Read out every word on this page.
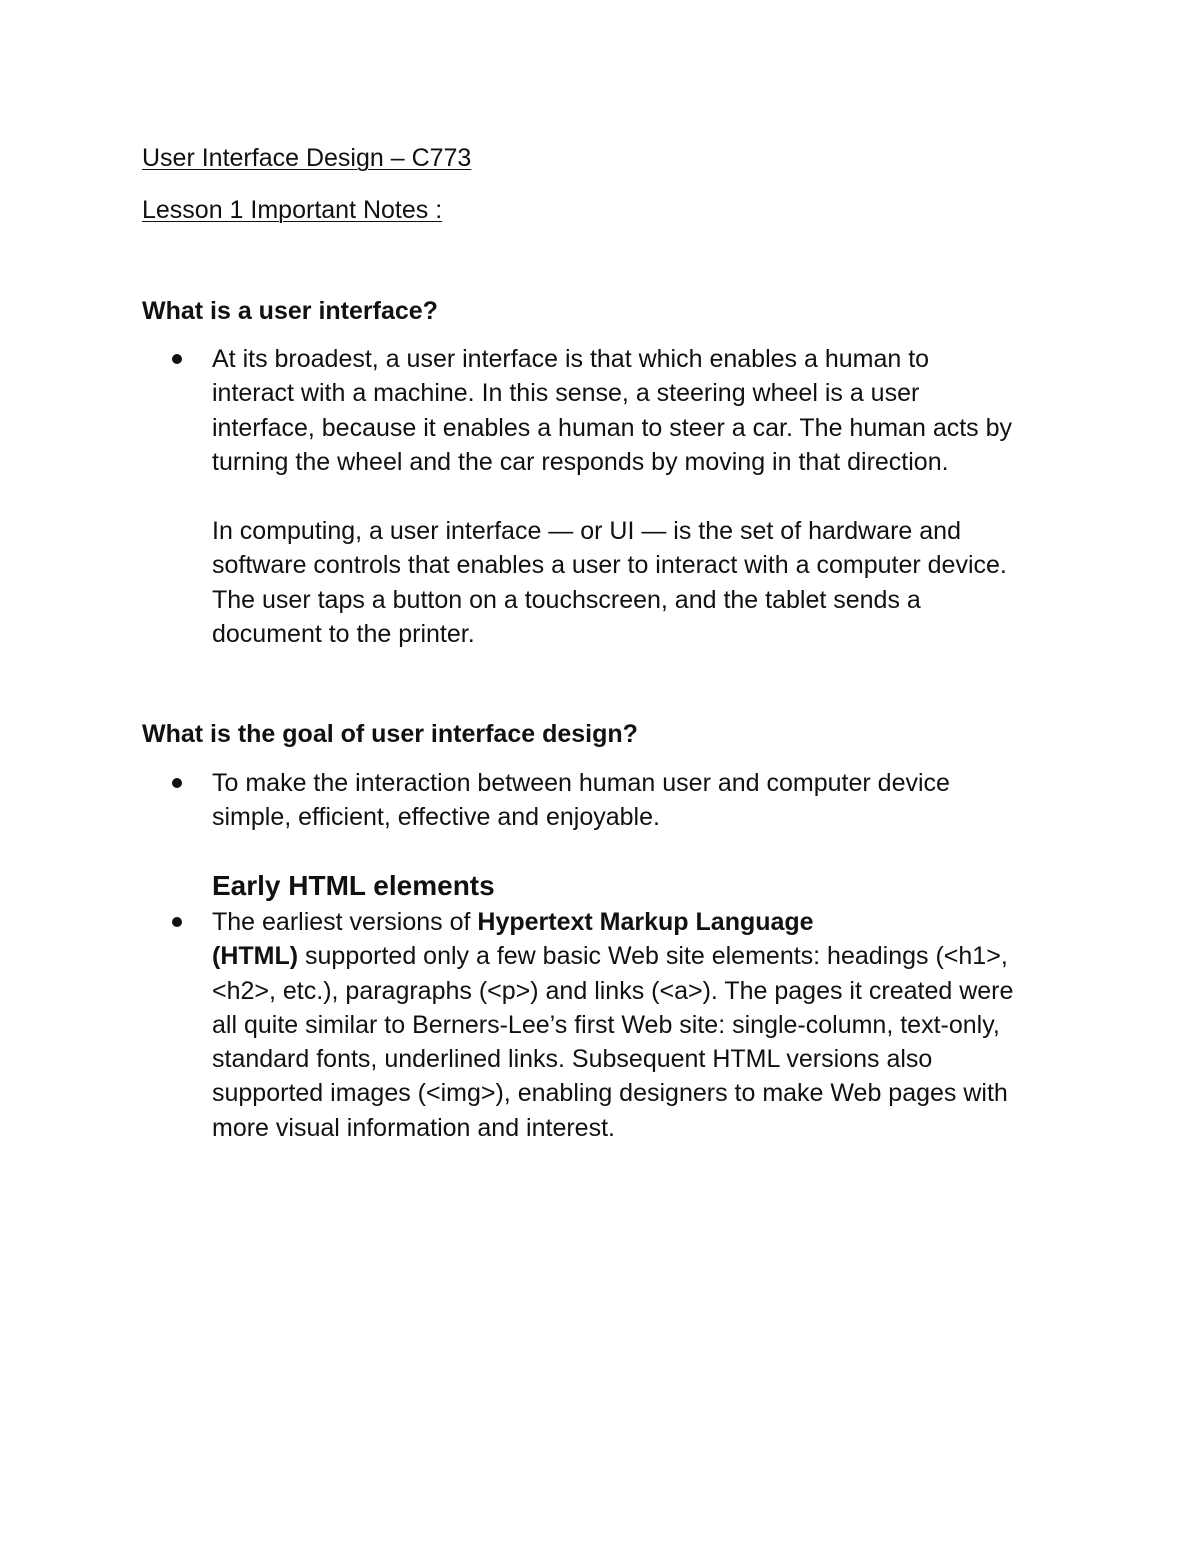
User Interface Design – C773
Lesson 1 Important Notes :
What is a user interface?
At its broadest, a user interface is that which enables a human to
interact with a machine. In this sense, a steering wheel is a user
interface, because it enables a human to steer a car. The human acts by
turning the wheel and the car responds by moving in that direction.
In computing, a user interface — or UI — is the set of hardware and
software controls that enables a user to interact with a computer device.
The user taps a button on a touchscreen, and the tablet sends a
document to the printer.
What is the goal of user interface design?
To make the interaction between human user and computer device
simple, efficient, effective and enjoyable.
Early HTML elements
The earliest versions of Hypertext Markup Language
(HTML) supported only a few basic Web site elements: headings (<h1>,
<h2>, etc.), paragraphs (<p>) and links (<a>). The pages it created were
all quite similar to Berners-Lee’s first Web site: single-column, text-only,
standard fonts, underlined links. Subsequent HTML versions also
supported images (<img>), enabling designers to make Web pages with
more visual information and interest.
